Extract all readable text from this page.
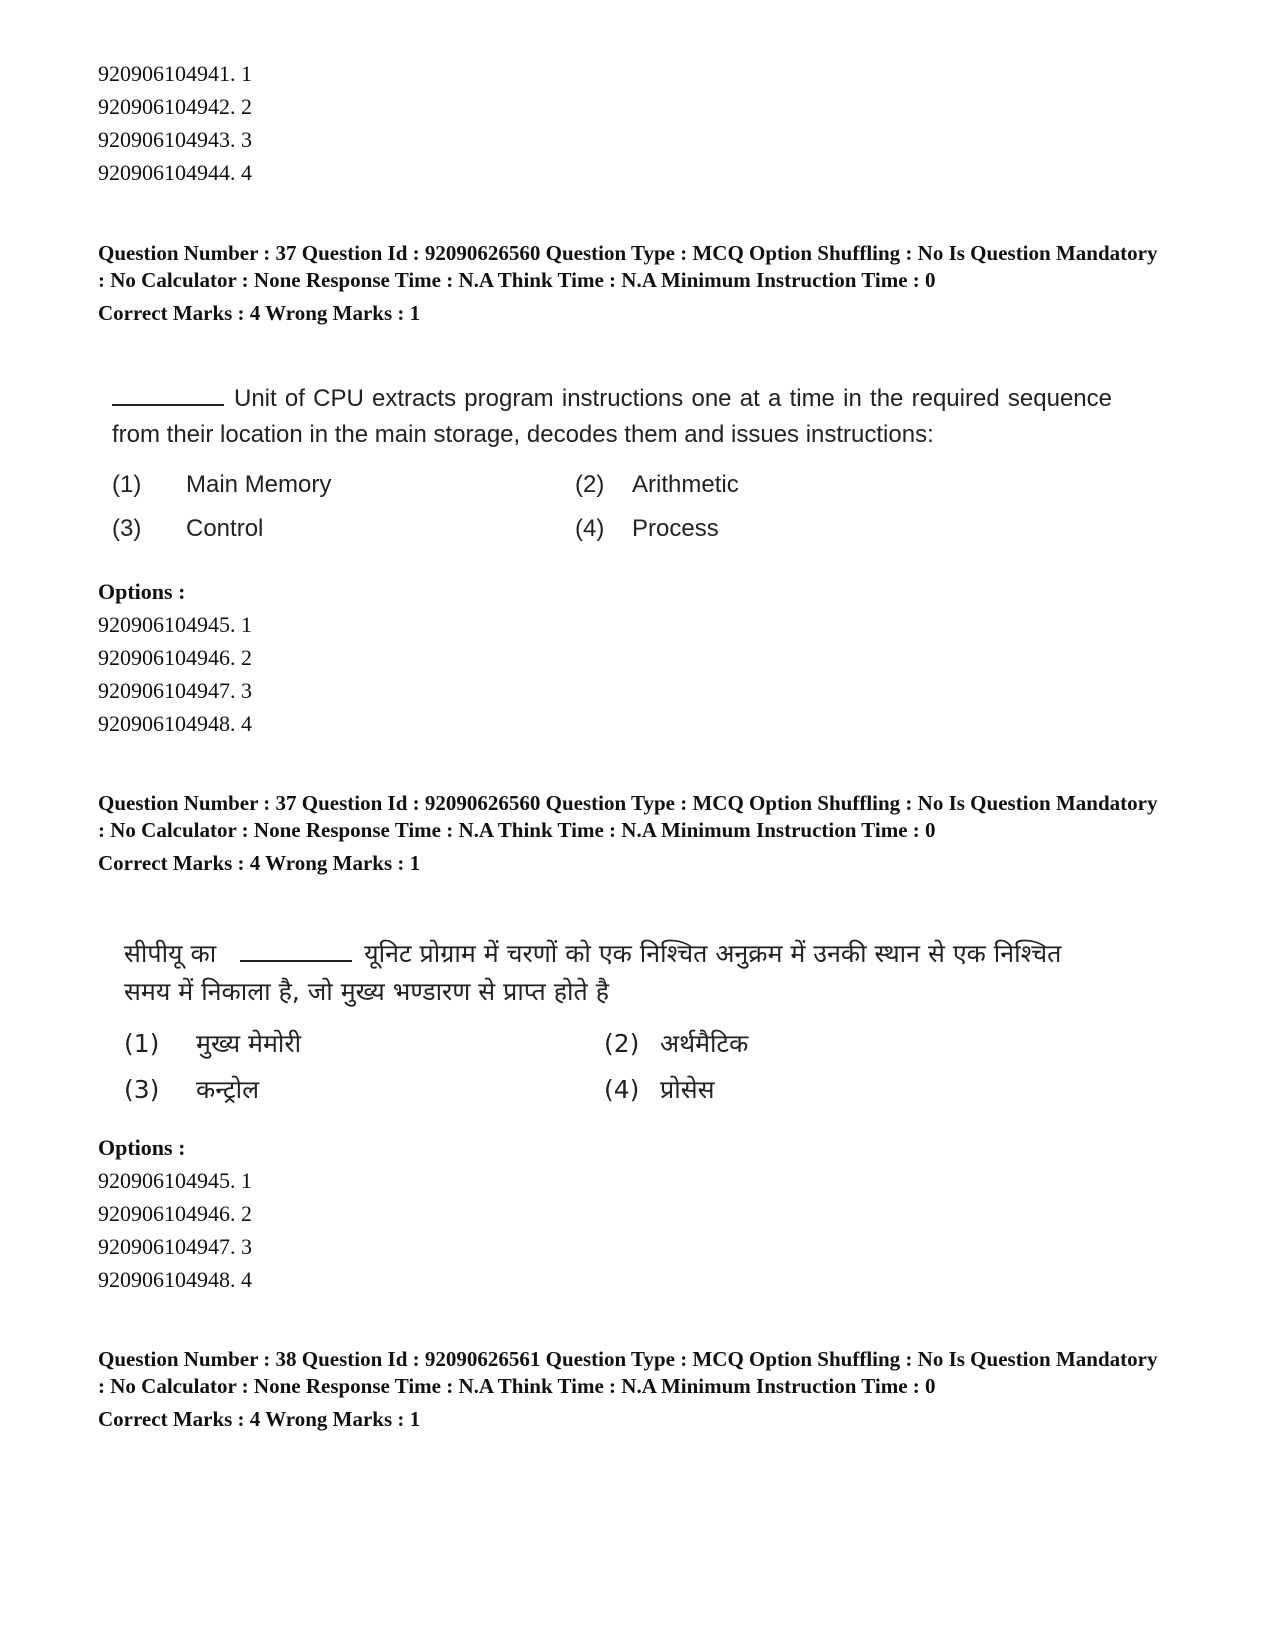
920906104941. 1
920906104942. 2
920906104943. 3
920906104944. 4
Question Number : 37 Question Id : 92090626560 Question Type : MCQ Option Shuffling : No Is Question Mandatory : No Calculator : None Response Time : N.A Think Time : N.A Minimum Instruction Time : 0
Correct Marks : 4 Wrong Marks : 1
Unit of CPU extracts program instructions one at a time in the required sequence from their location in the main storage, decodes them and issues instructions:
(1) Main Memory	(2) Arithmetic
(3) Control	(4) Process
Options :
920906104945. 1
920906104946. 2
920906104947. 3
920906104948. 4
Question Number : 37 Question Id : 92090626560 Question Type : MCQ Option Shuffling : No Is Question Mandatory : No Calculator : None Response Time : N.A Think Time : N.A Minimum Instruction Time : 0
Correct Marks : 4 Wrong Marks : 1
सीपीयू का	यूनिट प्रोग्राम में चरणों को एक निश्चित अनुक्रम में उनकी स्थान से एक निश्चित समय में निकाला है, जो मुख्य भण्डारण से प्राप्त होते है
(1) मुख्य मेमोरी	(2) अर्थमैटिक
(3) कन्ट्रोल	(4) प्रोसेस
Options :
920906104945. 1
920906104946. 2
920906104947. 3
920906104948. 4
Question Number : 38 Question Id : 92090626561 Question Type : MCQ Option Shuffling : No Is Question Mandatory : No Calculator : None Response Time : N.A Think Time : N.A Minimum Instruction Time : 0
Correct Marks : 4 Wrong Marks : 1
